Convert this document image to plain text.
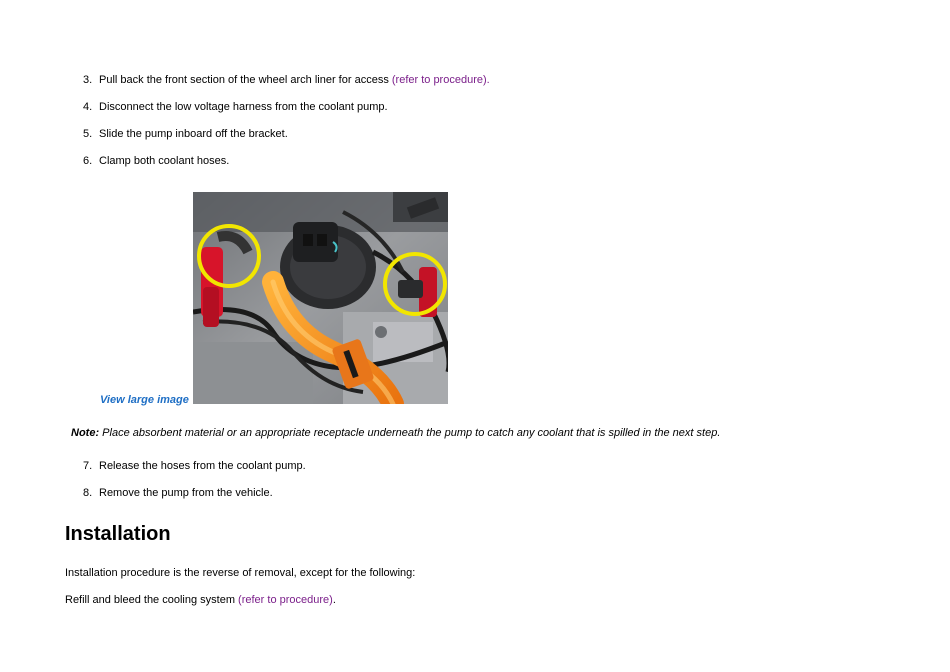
3. Pull back the front section of the wheel arch liner for access (refer to procedure).
4. Disconnect the low voltage harness from the coolant pump.
5. Slide the pump inboard off the bracket.
6. Clamp both coolant hoses.
View large image
Note: Place absorbent material or an appropriate receptacle underneath the pump to catch any coolant that is spilled in the next step.
7. Release the hoses from the coolant pump.
8. Remove the pump from the vehicle.
Installation
Installation procedure is the reverse of removal, except for the following:
Refill and bleed the cooling system (refer to procedure).
